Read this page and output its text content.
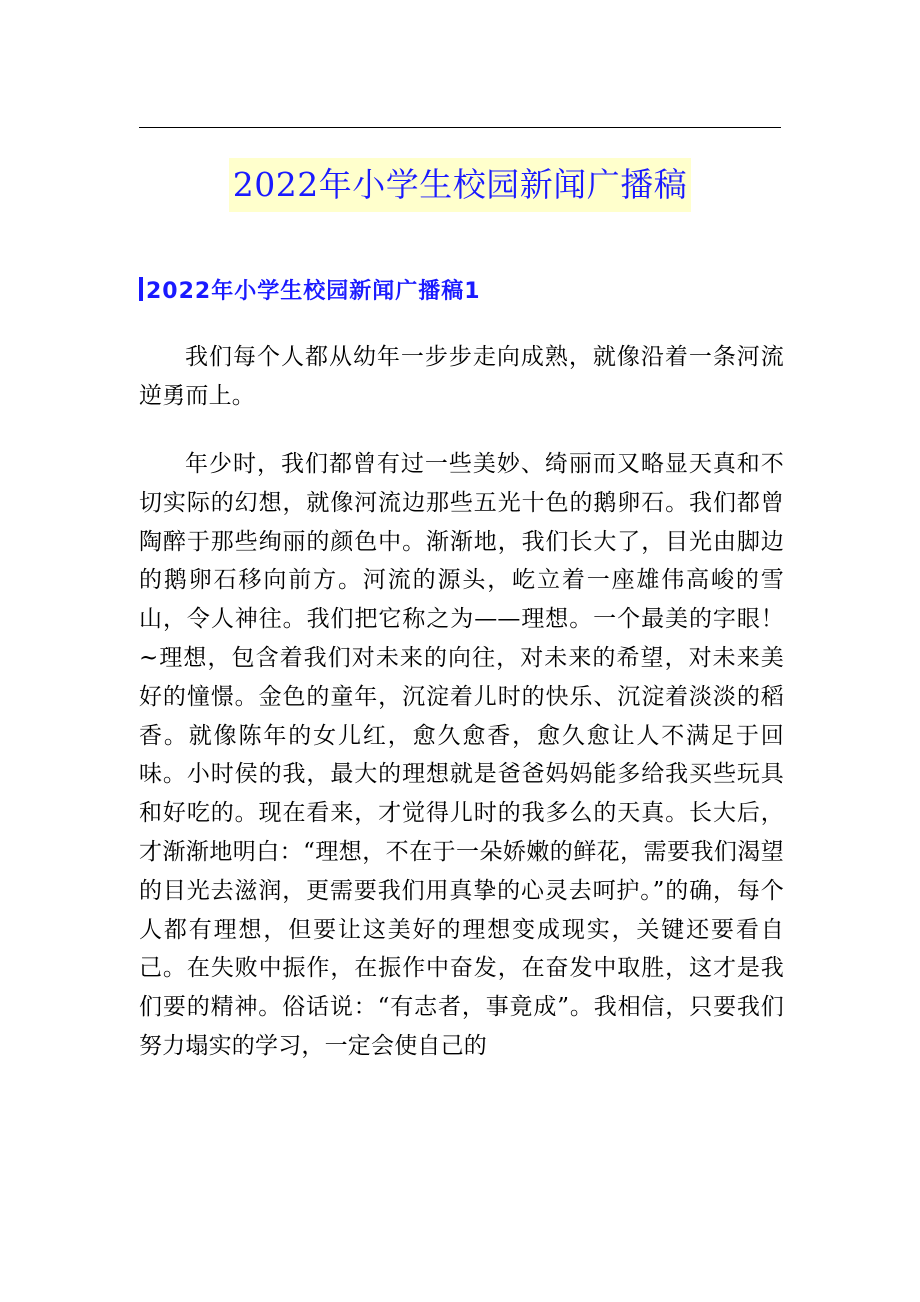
2022年小学生校园新闻广播稿
2022年小学生校园新闻广播稿1

我们每个人都从幼年一步步走向成熟，就像沿着一条河流逆勇而上。

年少时，我们都曾有过一些美妙、绮丽而又略显天真和不切实际的幻想，就像河流边那些五光十色的鹅卵石。我们都曾陶醉于那些绚丽的颜色中。渐渐地，我们长大了，目光由脚边的鹅卵石移向前方。河流的源头，屹立着一座雄伟高峻的雪山，令人神往。我们把它称之为——理想。一个最美的字眼！~理想，包含着我们对未来的向往，对未来的希望，对未来美好的憧憬。金色的童年，沉淀着儿时的快乐、沉淀着淡淡的稻香。就像陈年的女儿红，愈久愈香，愈久愈让人不满足于回味。小时侯的我，最大的理想就是爸爸妈妈能多给我买些玩具和好吃的。现在看来，才觉得儿时的我多么的天真。长大后，才渐渐地明白：“理想，不在于一朵娇嫩的鲜花，需要我们渴望的目光去滋润，更需要我们用真挚的心灵去呵护。”的确，每个人都有理想，但要让这美好的理想变成现实，关键还要看自己。在失败中振作，在振作中奋发，在奋发中取胜，这才是我们要的精神。俗话说：“有志者，事竟成”。我相信，只要我们努力塌实的学习，一定会使自己的
